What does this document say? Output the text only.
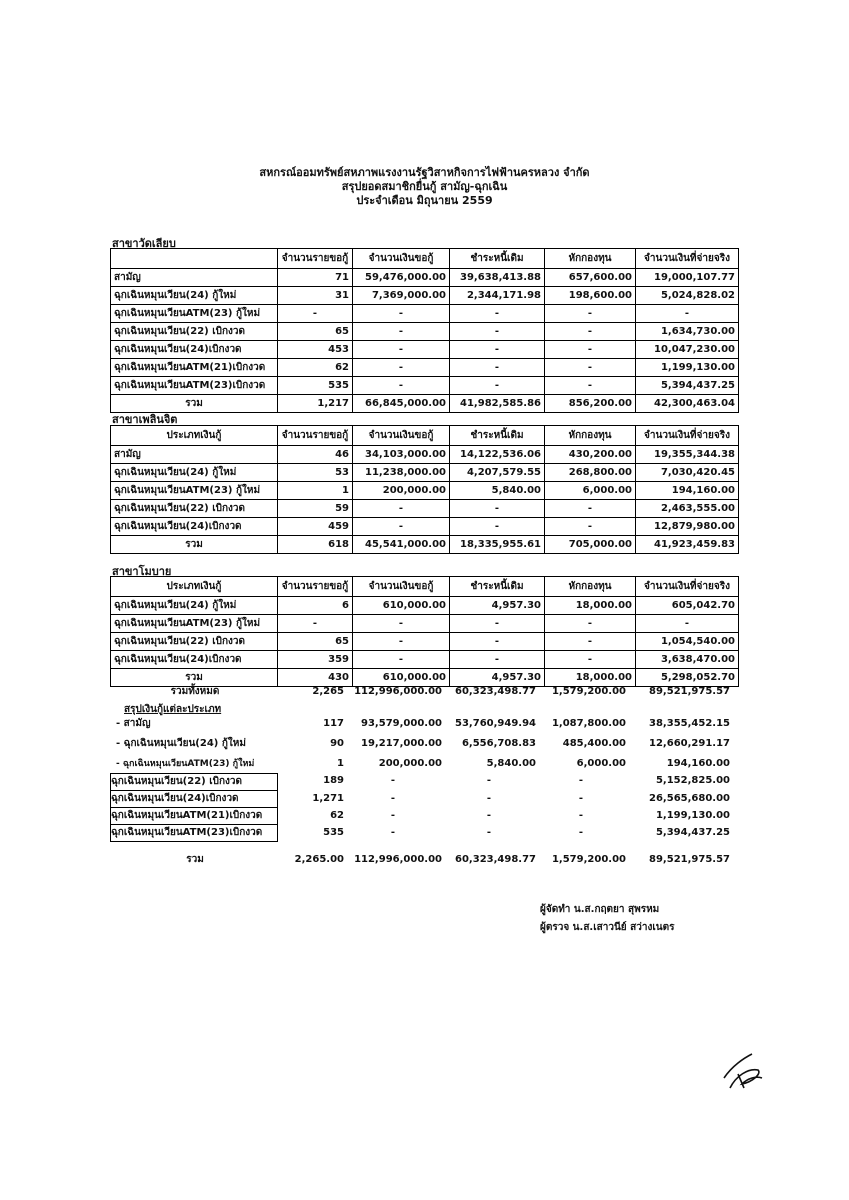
สหกรณ์ออมทรัพย์สหภาพแรงงานรัฐวิสาหกิจการไฟฟ้านครหลวง จำกัด
สรุปยอดสมาชิกยื่นกู้ สามัญ-ฉุกเฉิน
ประจำเดือน มิถุนายน 2559
สาขาวัดเลียบ
	จำนวนรายขอกู้	จำนวนเงินขอกู้	ชำระหนี้เดิม	หักกองทุน	จำนวนเงินที่จ่ายจริง
สามัญ	71	59,476,000.00	39,638,413.88	657,600.00	19,000,107.77
ฉุกเฉินหมุนเวียน(24) กู้ใหม่	31	7,369,000.00	2,344,171.98	198,600.00	5,024,828.02
ฉุกเฉินหมุนเวียนATM(23) กู้ใหม่	-	-	-	-	-
ฉุกเฉินหมุนเวียน(22) เบิกงวด	65	-	-	-	1,634,730.00
ฉุกเฉินหมุนเวียน(24)เบิกงวด	453	-	-	-	10,047,230.00
ฉุกเฉินหมุนเวียนATM(21)เบิกงวด	62	-	-	-	1,199,130.00
ฉุกเฉินหมุนเวียนATM(23)เบิกงวด	535	-	-	-	5,394,437.25
รวม	1,217	66,845,000.00	41,982,585.86	856,200.00	42,300,463.04
สาขาเพลินจิต
ประเภทเงินกู้	จำนวนรายขอกู้	จำนวนเงินขอกู้	ชำระหนี้เดิม	หักกองทุน	จำนวนเงินที่จ่ายจริง
สามัญ	46	34,103,000.00	14,122,536.06	430,200.00	19,355,344.38
ฉุกเฉินหมุนเวียน(24) กู้ใหม่	53	11,238,000.00	4,207,579.55	268,800.00	7,030,420.45
ฉุกเฉินหมุนเวียนATM(23) กู้ใหม่	1	200,000.00	5,840.00	6,000.00	194,160.00
ฉุกเฉินหมุนเวียน(22) เบิกงวด	59	-	-	-	2,463,555.00
ฉุกเฉินหมุนเวียน(24)เบิกงวด	459	-	-	-	12,879,980.00
รวม	618	45,541,000.00	18,335,955.61	705,000.00	41,923,459.83
สาขาโมบาย
ประเภทเงินกู้	จำนวนรายขอกู้	จำนวนเงินขอกู้	ชำระหนี้เดิม	หักกองทุน	จำนวนเงินที่จ่ายจริง
ฉุกเฉินหมุนเวียน(24) กู้ใหม่	6	610,000.00	4,957.30	18,000.00	605,042.70
ฉุกเฉินหมุนเวียนATM(23) กู้ใหม่	-	-	-	-	-
ฉุกเฉินหมุนเวียน(22) เบิกงวด	65	-	-	-	1,054,540.00
ฉุกเฉินหมุนเวียน(24)เบิกงวด	359	-	-	-	3,638,470.00
รวม	430	610,000.00	4,957.30	18,000.00	5,298,052.70
รวมทั้งหมด	2,265	112,996,000.00	60,323,498.77	1,579,200.00	89,521,975.57
สรุปเงินกู้แต่ละประเภท
- สามัญ	117	93,579,000.00	53,760,949.94	1,087,800.00	38,355,452.15
- ฉุกเฉินหมุนเวียน(24) กู้ใหม่	90	19,217,000.00	6,556,708.83	485,400.00	12,660,291.17
- ฉุกเฉินหมุนเวียนATM(23) กู้ใหม่	1	200,000.00	5,840.00	6,000.00	194,160.00
ฉุกเฉินหมุนเวียน(22) เบิกงวด	189	-	-	-	5,152,825.00
ฉุกเฉินหมุนเวียน(24)เบิกงวด	1,271	-	-	-	26,565,680.00
ฉุกเฉินหมุนเวียนATM(21)เบิกงวด	62	-	-	-	1,199,130.00
ฉุกเฉินหมุนเวียนATM(23)เบิกงวด	535	-	-	-	5,394,437.25
รวม	2,265.00	112,996,000.00	60,323,498.77	1,579,200.00	89,521,975.57
ผู้จัดทำ น.ส.กฤตยา สุพรหม
ผู้ตรวจ น.ส.เสาวนีย์ สว่างเนตร
